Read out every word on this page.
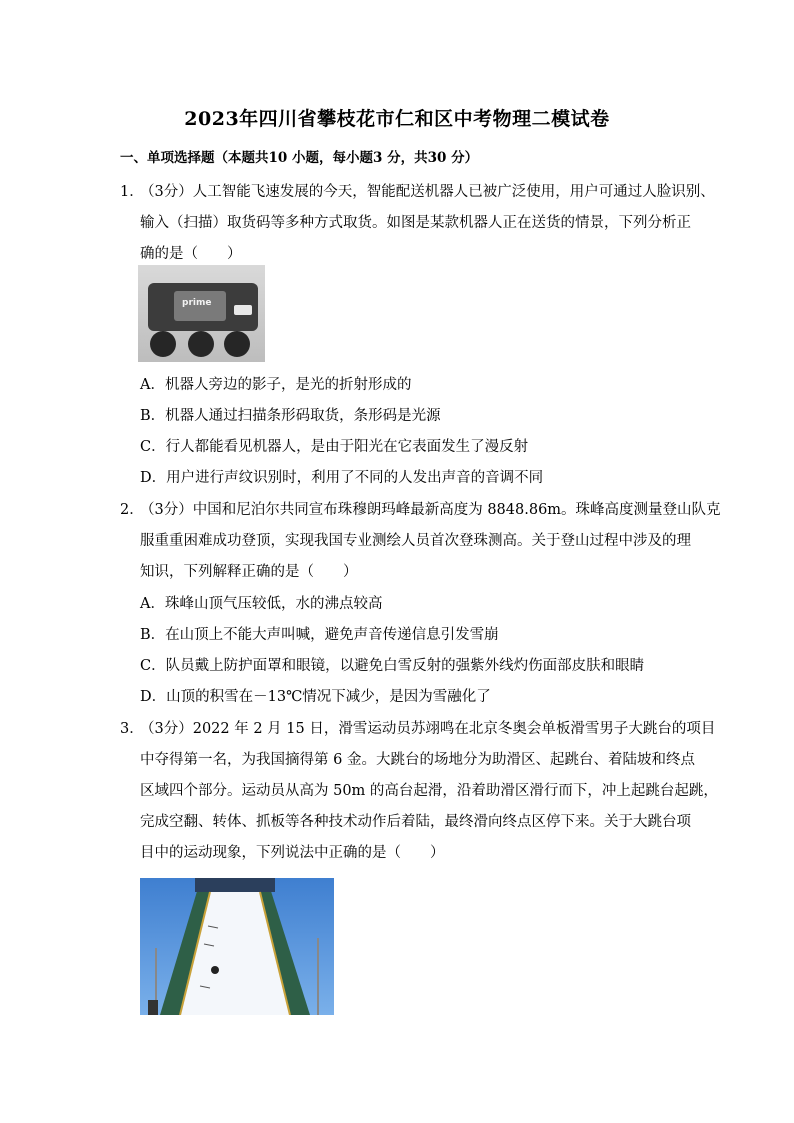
2023年四川省攀枝花市仁和区中考物理二模试卷
一、单项选择题（本题共10 小题，每小题3 分，共30 分）
1．
（3分）人工智能飞速发展的今天，智能配送机器人已被广泛使用，用户可通过人脸识别、
输入（扫描）取货码等多种方式取货。如图是某款机器人正在送货的情景，下列分析正
确的是（　　）
prime
A．机器人旁边的影子，是光的折射形成的
B．机器人通过扫描条形码取货，条形码是光源
C．行人都能看见机器人，是由于阳光在它表面发生了漫反射
D．用户进行声纹识别时，利用了不同的人发出声音的音调不同
2．
（3分）中国和尼泊尔共同宣布珠穆朗玛峰最新高度为 8848.86m。珠峰高度测量登山队克
服重重困难成功登顶，实现我国专业测绘人员首次登珠测高。关于登山过程中涉及的理
知识，下列解释正确的是（　　）
A．珠峰山顶气压较低，水的沸点较高
B．在山顶上不能大声叫喊，避免声音传递信息引发雪崩
C．队员戴上防护面罩和眼镜，以避免白雪反射的强紫外线灼伤面部皮肤和眼睛
D．山顶的积雪在－13℃情况下减少，是因为雪融化了
3．
（3分）2022 年 2 月 15 日，滑雪运动员苏翊鸣在北京冬奥会单板滑雪男子大跳台的项目
中夺得第一名，为我国摘得第 6 金。大跳台的场地分为助滑区、起跳台、着陆坡和终点
区域四个部分。运动员从高为 50m 的高台起滑，沿着助滑区滑行而下，冲上起跳台起跳，
完成空翻、转体、抓板等各种技术动作后着陆，最终滑向终点区停下来。关于大跳台项
目中的运动现象，下列说法中正确的是（　　）
